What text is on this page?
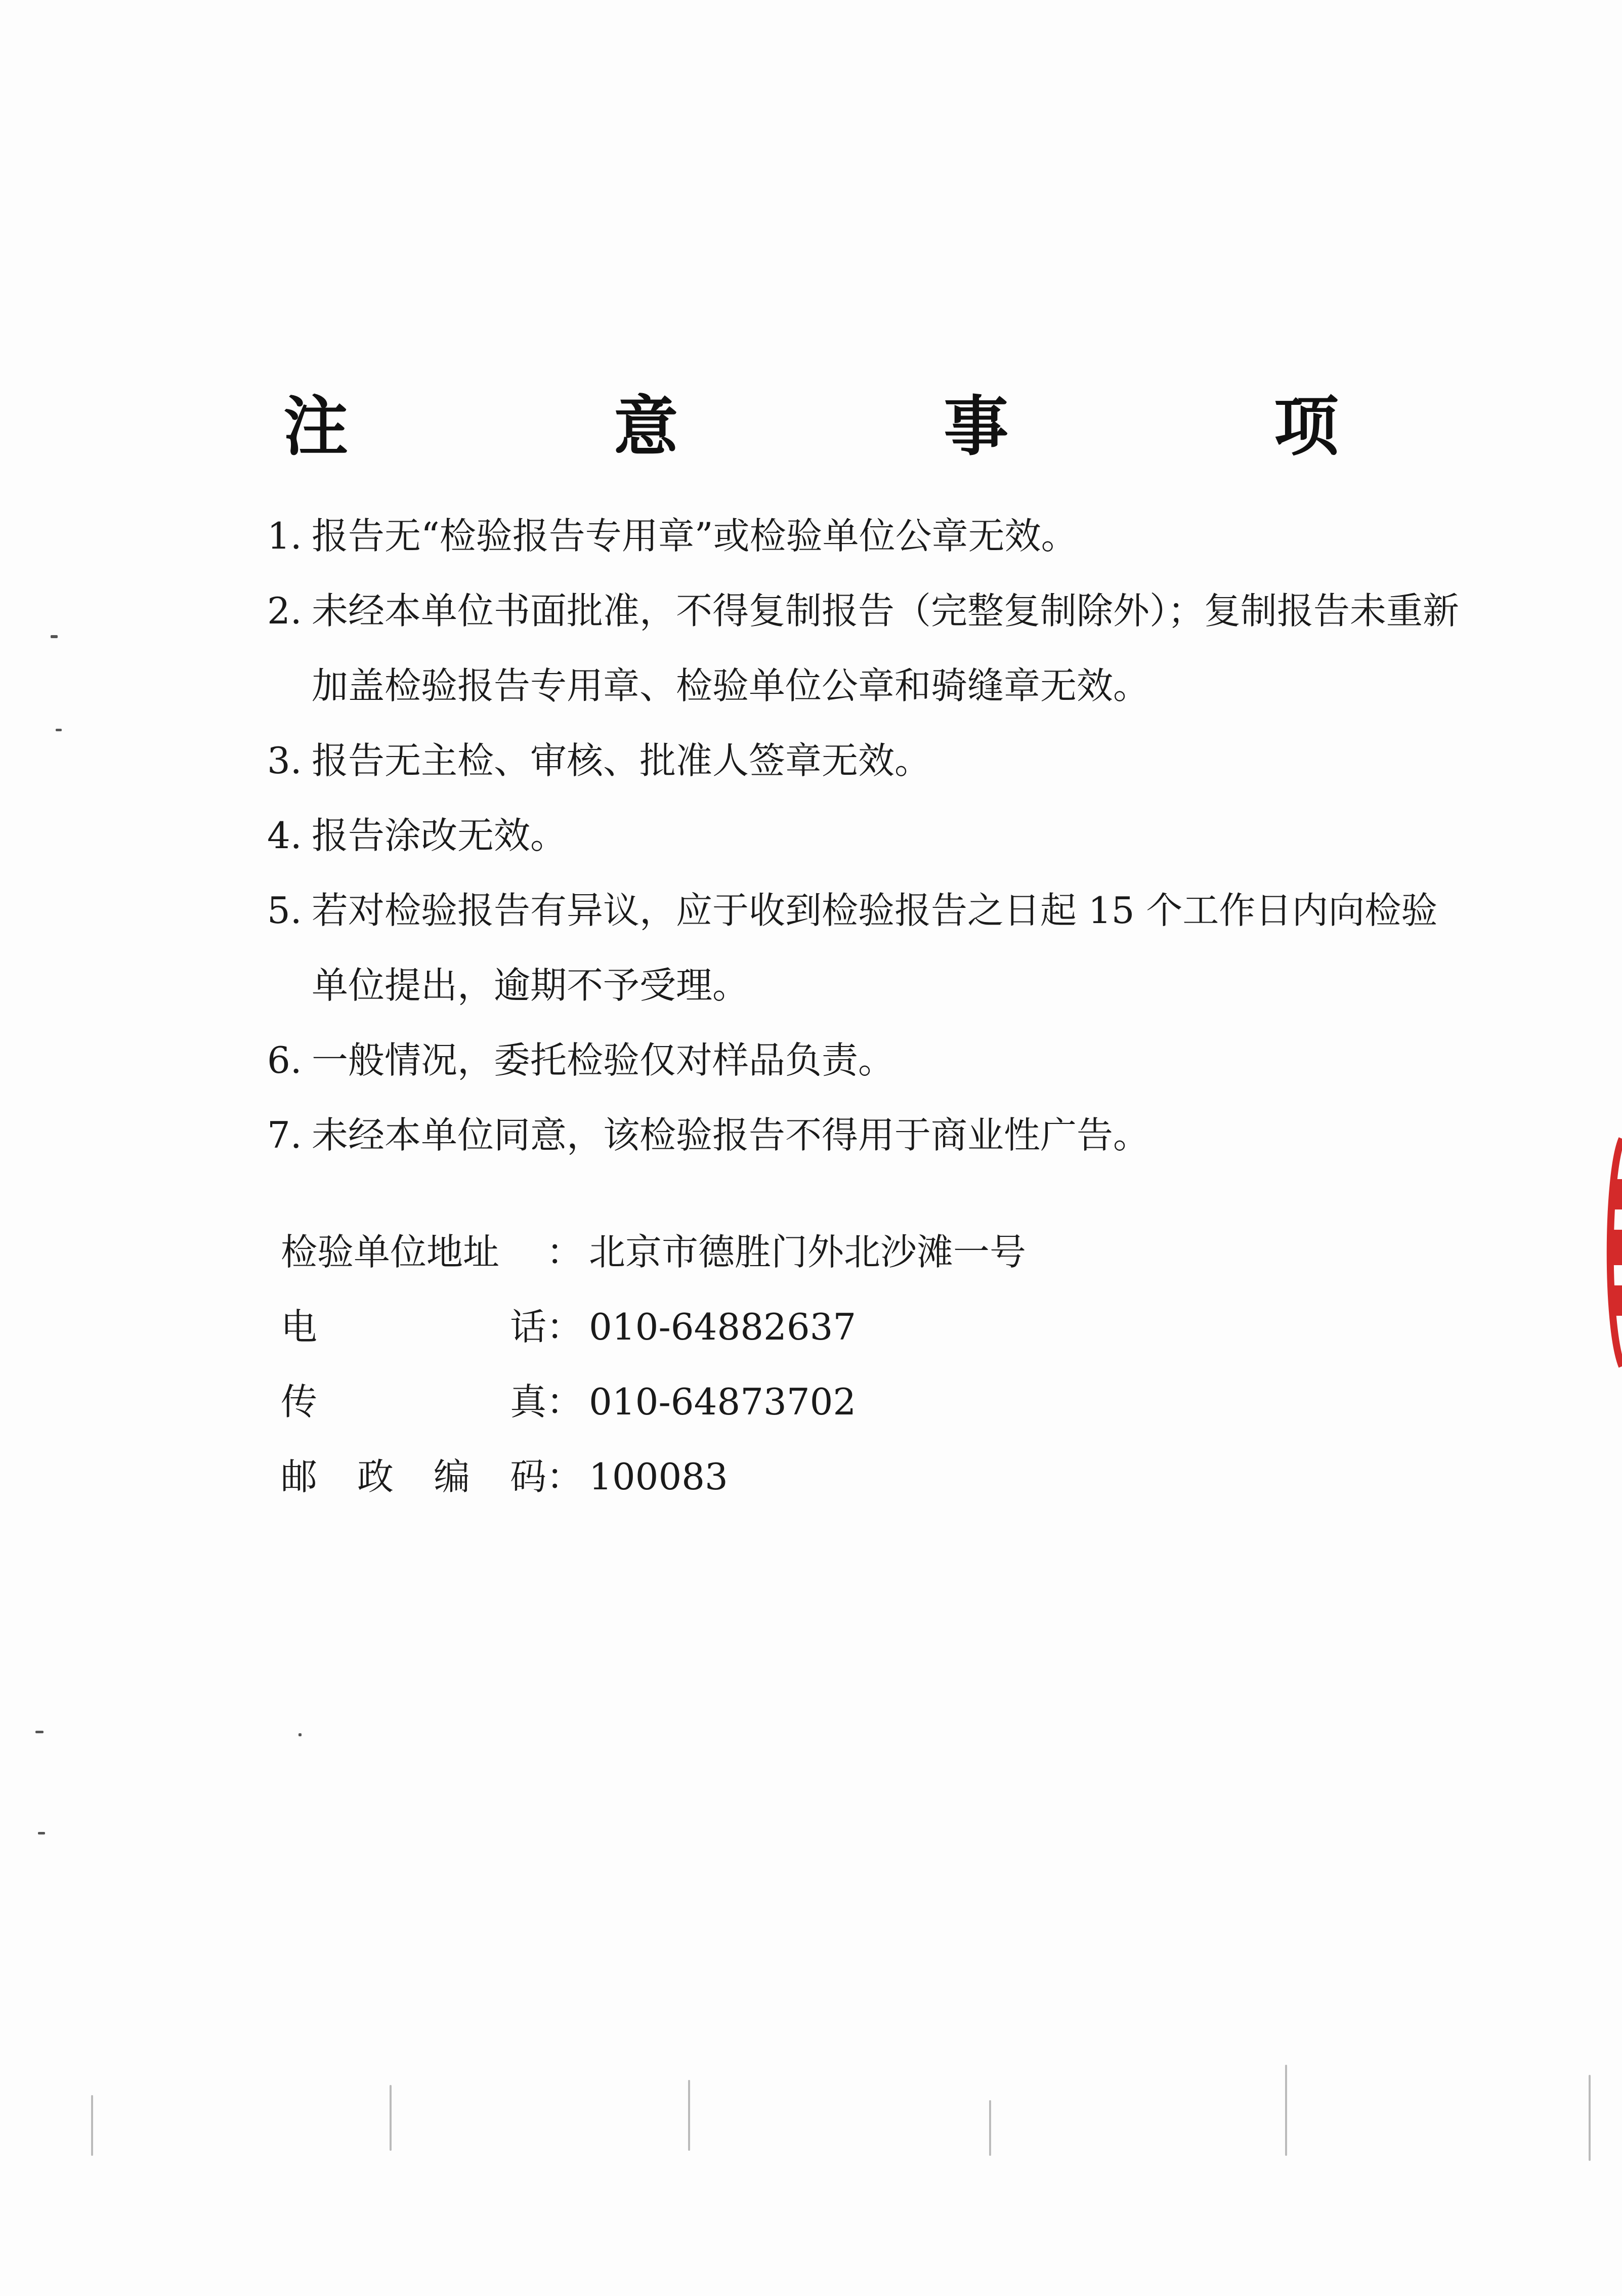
注 意 事 项
1. 报告无“检验报告专用章”或检验单位公章无效。
2. 未经本单位书面批准，不得复制报告（完整复制除外）；复制报告未重新加盖检验报告专用章、检验单位公章和骑缝章无效。
3. 报告无主检、审核、批准人签章无效。
4. 报告涂改无效。
5. 若对检验报告有异议，应于收到检验报告之日起 15 个工作日内向检验单位提出，逾期不予受理。
6. 一般情况，委托检验仅对样品负责。
7. 未经本单位同意，该检验报告不得用于商业性广告。
检验单位地址 ： 北京市德胜门外北沙滩一号
电	话 ： 010-64882637
传	真 ： 010-64873702
邮 政 编 码 ： 100083
